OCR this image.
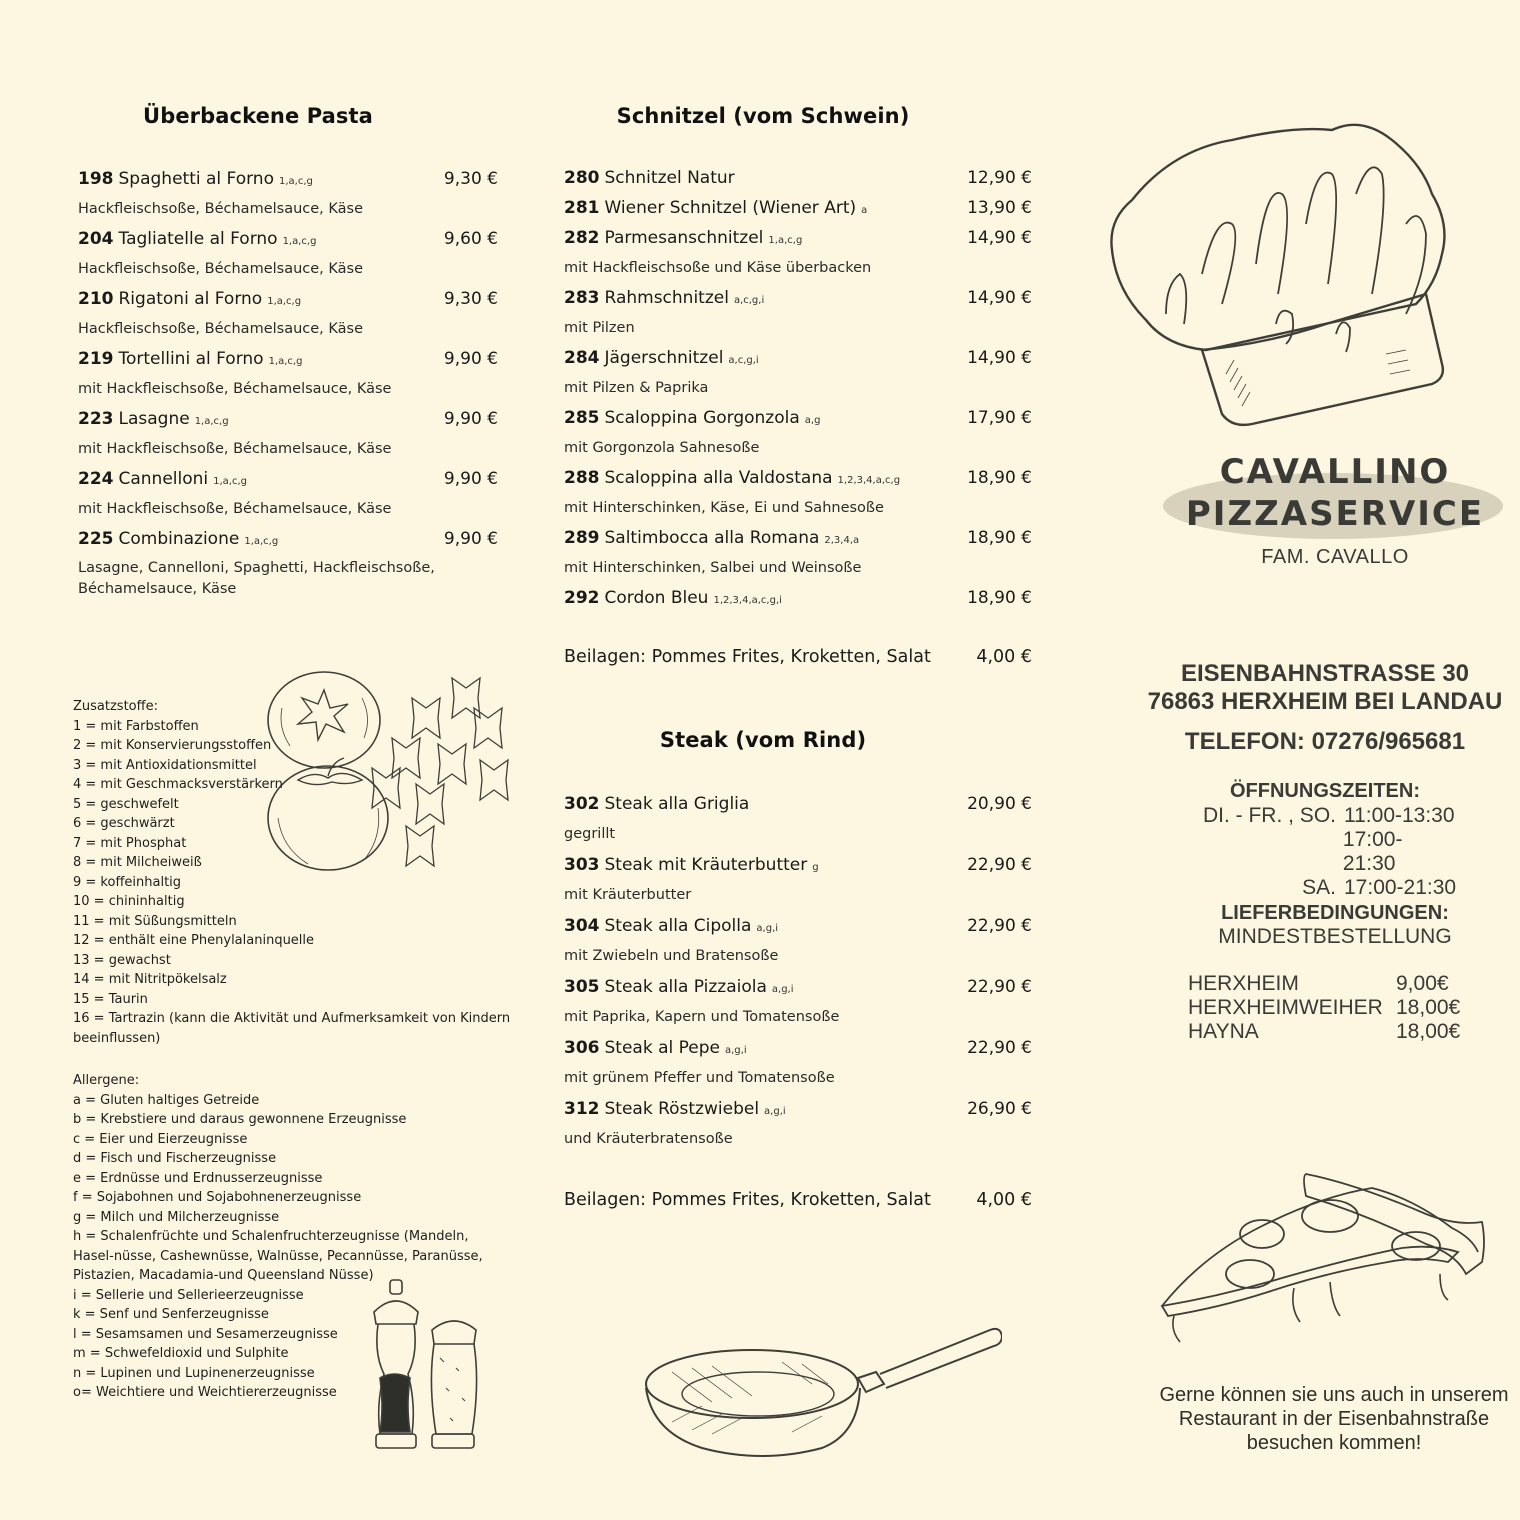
Überbackene Pasta
198 Spaghetti al Forno 1,a,c,g	9,30 €
Hackfleischsoße, Béchamelsauce, Käse
204 Tagliatelle al Forno 1,a,c,g	9,60 €
Hackfleischsoße, Béchamelsauce, Käse
210 Rigatoni al Forno 1,a,c,g	9,30 €
Hackfleischsoße, Béchamelsauce, Käse
219 Tortellini al Forno 1,a,c,g	9,90 €
mit Hackfleischsoße, Béchamelsauce, Käse
223 Lasagne 1,a,c,g	9,90 €
mit Hackfleischsoße, Béchamelsauce, Käse
224 Cannelloni 1,a,c,g	9,90 €
mit Hackfleischsoße, Béchamelsauce, Käse
225 Combinazione 1,a,c,g	9,90 €
Lasagne, Cannelloni, Spaghetti, Hackfleischsoße, Béchamelsauce, Käse
Zusatzstoffe:
1 = mit Farbstoffen
2 = mit Konservierungsstoffen
3 = mit Antioxidationsmittel
4 = mit Geschmacksverstärkern
5 = geschwefelt
6 = geschwärzt
7 = mit Phosphat
8 = mit Milcheiweiß
9 = koffeinhaltig
10 = chininhaltig
11 = mit Süßungsmitteln
12 = enthält eine Phenylalaninquelle
13 = gewachst
14 = mit Nitritpökelsalz
15 = Taurin
16 = Tartrazin (kann die Aktivität und Aufmerksamkeit von Kindern beeinflussen)
Allergene:
a = Gluten haltiges Getreide
b = Krebstiere und daraus gewonnene Erzeugnisse
c = Eier und Eierzeugnisse
d = Fisch und Fischerzeugnisse
e = Erdnüsse und Erdnusserzeugnisse
f = Sojabohnen und Sojabohnenerzeugnisse
g = Milch und Milcherzeugnisse
h = Schalenfrüchte und Schalenfruchterzeugnisse (Mandeln, Hasel-nüsse, Cashewnüsse, Walnüsse, Pecannüsse, Paranüsse, Pistazien, Macadamia-und Queensland Nüsse)
i = Sellerie und Sellerieerzeugnisse
k = Senf und Senferzeugnisse
l = Sesamsamen und Sesamerzeugnisse
m = Schwefeldioxid und Sulphite
n = Lupinen und Lupinenerzeugnisse
o= Weichtiere und Weichtiererzeugnisse
Schnitzel (vom Schwein)
280 Schnitzel Natur	12,90 €
281 Wiener Schnitzel (Wiener Art) a	13,90 €
282 Parmesanschnitzel 1,a,c,g	14,90 €
mit Hackfleischsoße und Käse überbacken
283 Rahmschnitzel a,c,g,i	14,90 €
mit Pilzen
284 Jägerschnitzel a,c,g,i	14,90 €
mit Pilzen & Paprika
285 Scaloppina Gorgonzola a,g	17,90 €
mit Gorgonzola Sahnesoße
288 Scaloppina alla Valdostana 1,2,3,4,a,c,g	18,90 €
mit Hinterschinken, Käse, Ei und Sahnesoße
289 Saltimbocca alla Romana 2,3,4,a	18,90 €
mit Hinterschinken, Salbei und Weinsoße
292 Cordon Bleu 1,2,3,4,a,c,g,i	18,90 €
Beilagen: Pommes Frites, Kroketten, Salat	4,00 €
Steak (vom Rind)
302 Steak alla Griglia	20,90 €
gegrillt
303 Steak mit Kräuterbutter g	22,90 €
mit Kräuterbutter
304 Steak alla Cipolla a,g,i	22,90 €
mit Zwiebeln und Bratensoße
305 Steak alla Pizzaiola a,g,i	22,90 €
mit Paprika, Kapern und Tomatensoße
306 Steak al Pepe a,g,i	22,90 €
mit grünem Pfeffer und Tomatensoße
312 Steak Röstzwiebel a,g,i	26,90 €
und Kräuterbratensoße
Beilagen: Pommes Frites, Kroketten, Salat	4,00 €
CAVALLINO
PIZZASERVICE
FAM. CAVALLO
EISENBAHNSTRASSE 30
76863 HERXHEIM BEI LANDAU
TELEFON: 07276/965681
ÖFFNUNGSZEITEN:
DI. - FR. , SO. 11:00-13:30
17:00- 21:30
SA. 17:00-21:30
LIEFERBEDINGUNGEN:
MINDESTBESTELLUNG
HERXHEIM	9,00€
HERXHEIMWEIHER 18,00€
HAYNA	18,00€
Gerne können sie uns auch in unserem
Restaurant in der Eisenbahnstraße
besuchen kommen!
